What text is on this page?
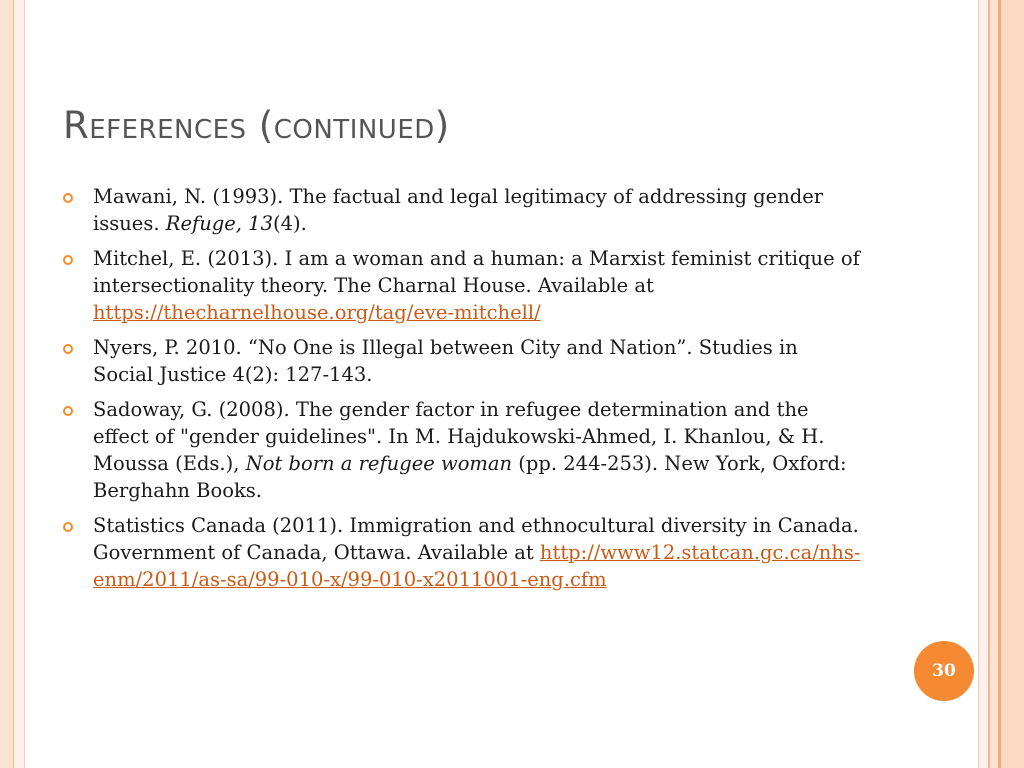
References (continued)
Mawani, N. (1993). The factual and legal legitimacy of addressing gender issues. Refuge, 13(4).
Mitchel, E. (2013). I am a woman and a human: a Marxist feminist critique of intersectionality theory. The Charnal House. Available at https://thecharnelhouse.org/tag/eve-mitchell/
Nyers, P. 2010. “No One is Illegal between City and Nation”. Studies in Social Justice 4(2): 127-143.
Sadoway, G. (2008). The gender factor in refugee determination and the effect of "gender guidelines". In M. Hajdukowski-Ahmed, I. Khanlou, & H. Moussa (Eds.), Not born a refugee woman (pp. 244-253). New York, Oxford: Berghahn Books.
Statistics Canada (2011). Immigration and ethnocultural diversity in Canada. Government of Canada, Ottawa. Available at http://www12.statcan.gc.ca/nhs-enm/2011/as-sa/99-010-x/99-010-x2011001-eng.cfm
30
